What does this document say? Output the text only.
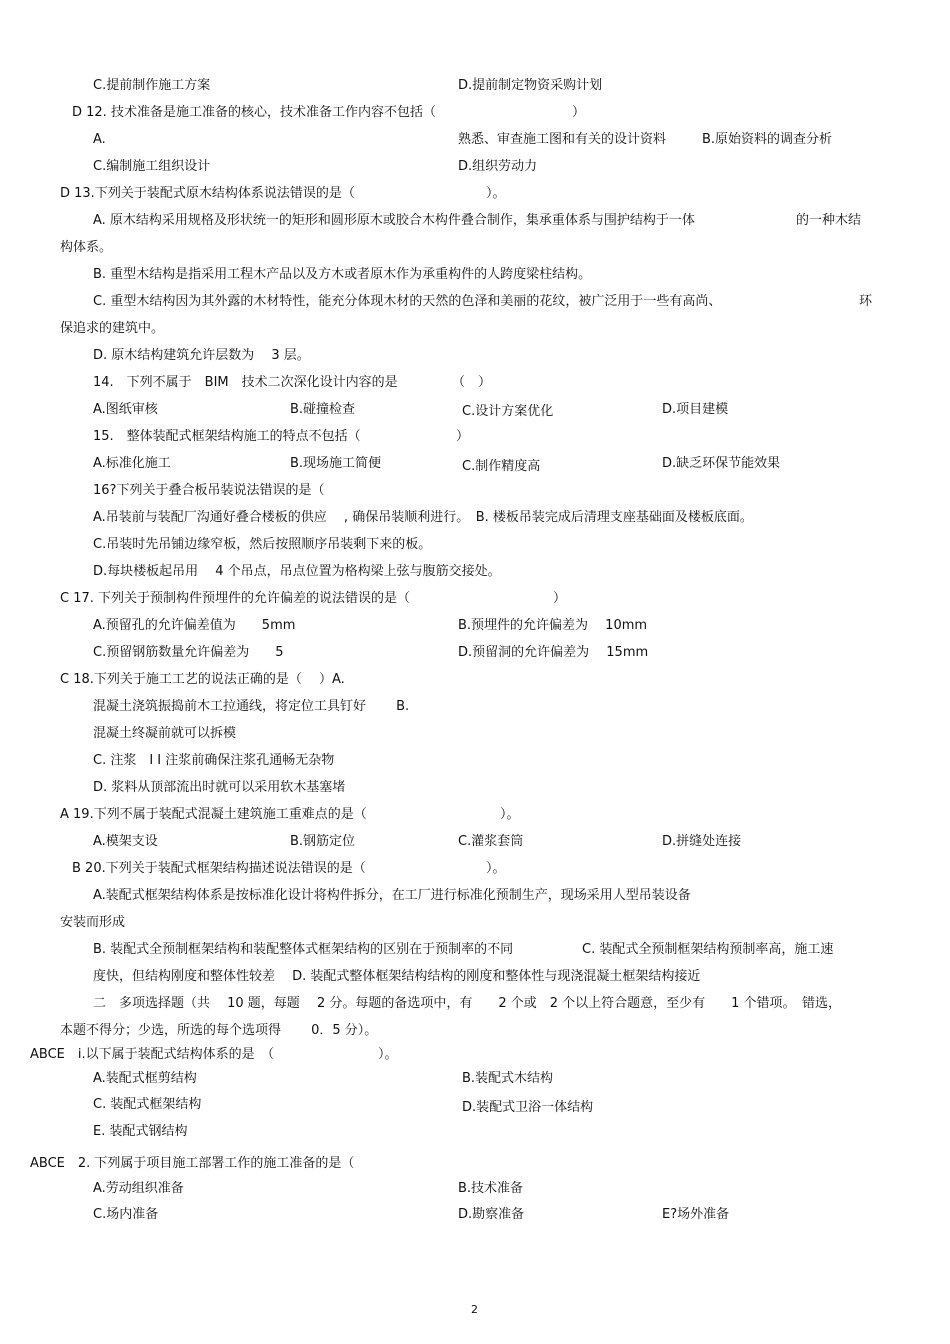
C.提前制作施工方案	D.提前制定物资采购计划
D 12. 技术准备是施工准备的核心，技术准备工作内容不包括（	）
A.	熟悉、审查施工图和有关的设计资料	B.原始资料的调查分析
C.编制施工组织设计	D.组织劳动力
D 13.下列关于装配式原木结构体系说法错误的是（	）。
A. 原木结构采用规格及形状统一的矩形和圆形原木或胶合木构件叠合制作，集承重体系与围护结构于一体	的一种木结
构体系。
B. 重型木结构是指采用工程木产品以及方木或者原木作为承重构件的人跨度梁柱结构。
C. 重型木结构因为其外露的木材特性，能充分体现木材的天然的色泽和美丽的花纹，被广泛用于一些有高尚、	环
保追求的建筑中。
D. 原木结构建筑允许层数为　 3 层。
14.　下列不属于　BIM　技术二次深化设计内容的是	（　）
A.图纸审核	B.碰撞检查	C.设计方案优化	D.项目建模
15.　整体装配式框架结构施工的特点不包括（	）
A.标准化施工	B.现场施工简便	C.制作精度高	D.缺乏环保节能效果
16?下列关于叠合板吊装说法错误的是（
A.吊装前与装配厂沟通好叠合楼板的供应　 , 确保吊装顺利进行。　B. 楼板吊装完成后清理支座基础面及楼板底面。
C.吊装时先吊铺边缘窄板，然后按照顺序吊装剩下来的板。
D.每块楼板起吊用　 4 个吊点，吊点位置为格构梁上弦与腹筋交接处。
C 17. 下列关于预制构件预埋件的允许偏差的说法错误的是（	）
A.预留孔的允许偏差值为　　5mm	B.预埋件的允许偏差为　 10mm
C.预留钢筋数量允许偏差为　　5	D.预留洞的允许偏差为　 15mm
C 18.下列关于施工工艺的说法正确的是（　 ）A.
混凝土浇筑振捣前木工拉通线，将定位工具钉好　　 B.
混凝土终凝前就可以拆模
C. 注浆　I I 注浆前确保注浆孔通畅无杂物
D. 浆料从顶部流出时就可以采用软木基塞堵
A 19.下列不属于装配式混凝土建筑施工重难点的是（	）。
A.模架支设	B.钢筋定位	C.灌浆套筒	D.拼缝处连接
B 20.下列关于装配式框架结构描述说法错误的是（	）。
A.装配式框架结构体系是按标准化设计将构件拆分，在工厂进行标准化预制生产，现场采用人型吊装设备
安装而形成
B. 装配式全预制框架结构和装配整体式框架结构的区别在于预制率的不同	C. 装配式全预制框架结构预制率高，施工速
度快，但结构刚度和整体性较差　 D. 装配式整体框架结构结构的刚度和整体性与现浇混凝土框架结构接近
二　多项选择题（共　 10 题，每题　 2 分。每题的备选项中，有　　2 个或　2 个以上符合题意，至少有　　1 个错项。　错选，
本题不得分；少选，所选的每个选项得　　 0．5 分）。
ABCE　i.以下属于装配式结构体系的是　（	）。
A.装配式框剪结构	B.装配式木结构
C. 装配式框架结构	D.装配式卫浴一体结构
E. 装配式钢结构
ABCE　2. 下列属于项目施工部署工作的施工准备的是（
A.劳动组织准备	B.技术准备
C.场内准备	D.勘察准备	E?场外准备
2
